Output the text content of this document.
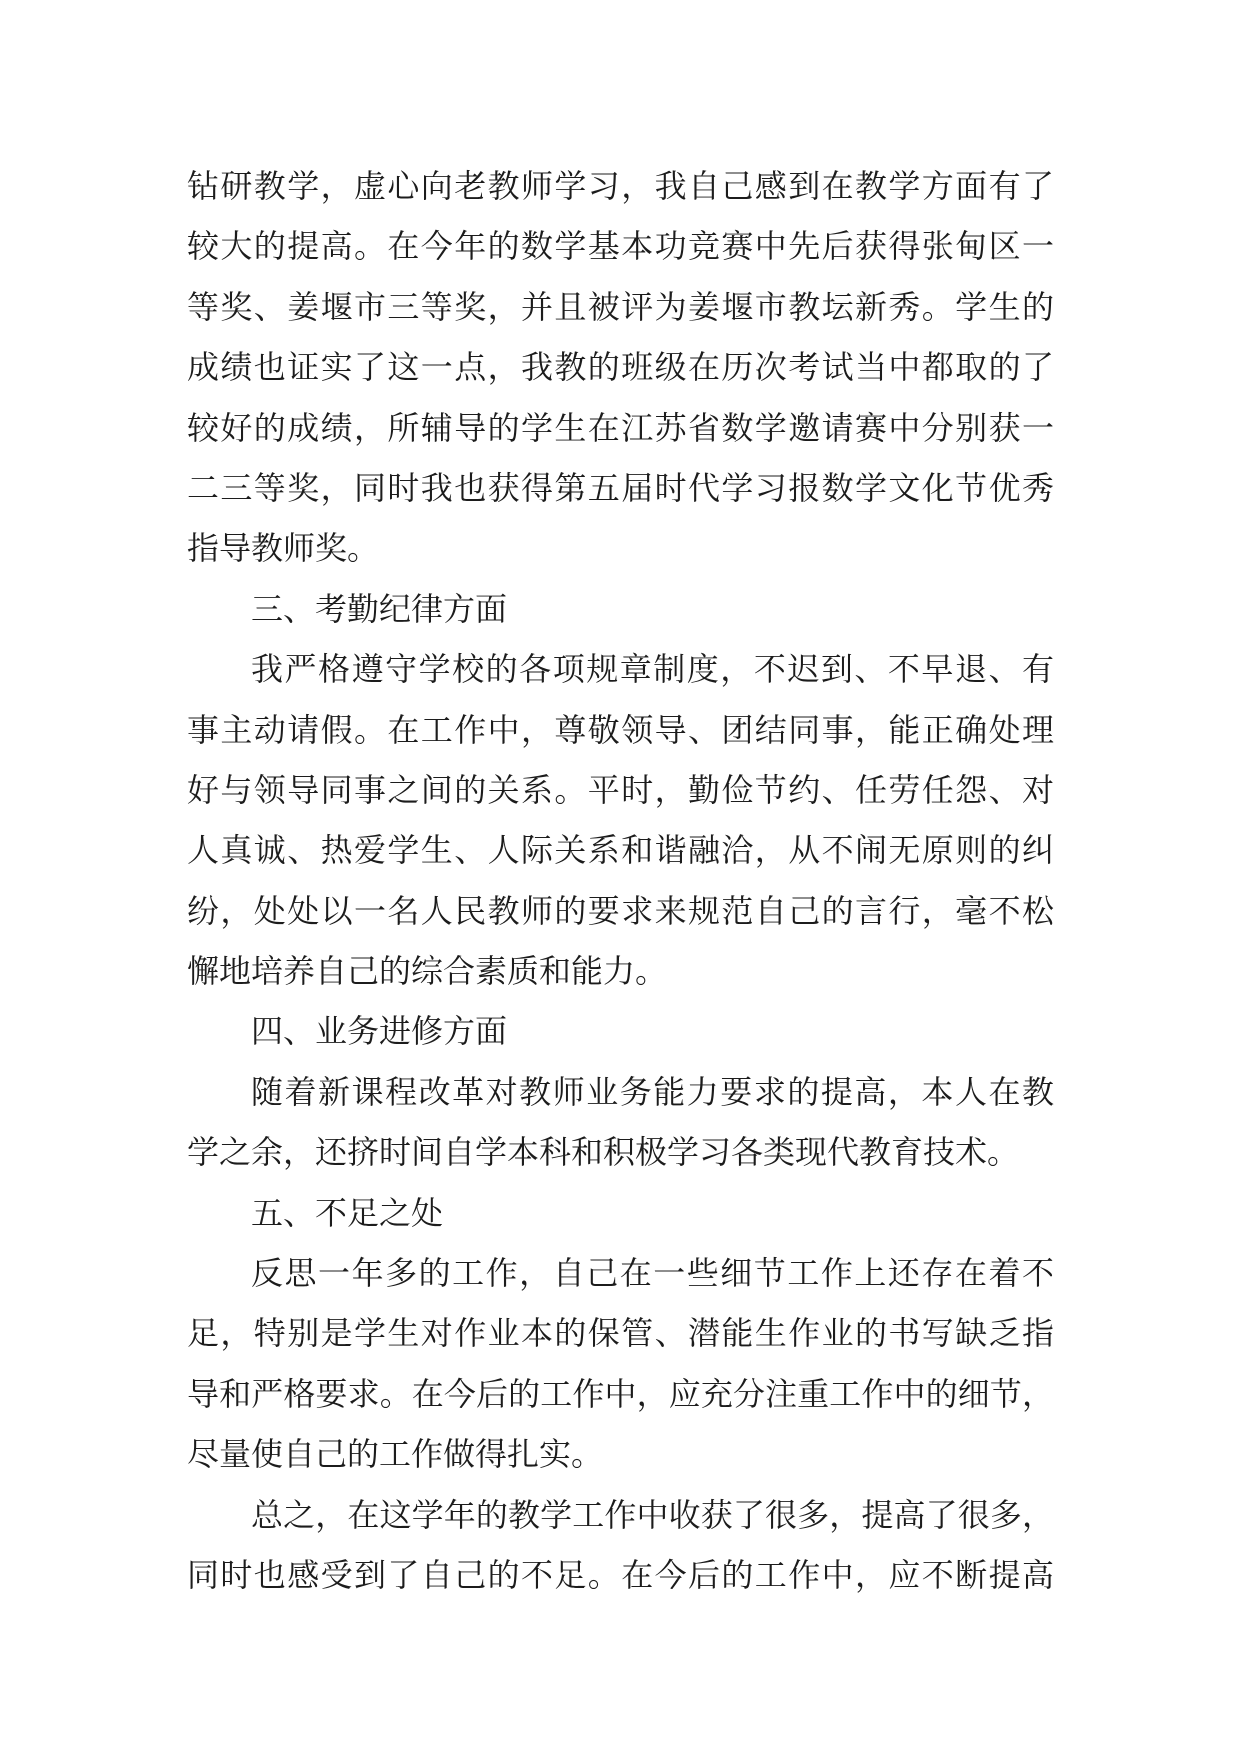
钻研教学，虚心向老教师学习，我自己感到在教学方面有了
较大的提高。在今年的数学基本功竞赛中先后获得张甸区一
等奖、姜堰市三等奖，并且被评为姜堰市教坛新秀。学生的
成绩也证实了这一点，我教的班级在历次考试当中都取的了
较好的成绩，所辅导的学生在江苏省数学邀请赛中分别获一
二三等奖，同时我也获得第五届时代学习报数学文化节优秀
指导教师奖。
三、考勤纪律方面
我严格遵守学校的各项规章制度，不迟到、不早退、有
事主动请假。在工作中，尊敬领导、团结同事，能正确处理
好与领导同事之间的关系。平时，勤俭节约、任劳任怨、对
人真诚、热爱学生、人际关系和谐融洽，从不闹无原则的纠
纷，处处以一名人民教师的要求来规范自己的言行，毫不松
懈地培养自己的综合素质和能力。
四、业务进修方面
随着新课程改革对教师业务能力要求的提高，本人在教
学之余，还挤时间自学本科和积极学习各类现代教育技术。
五、不足之处
反思一年多的工作，自己在一些细节工作上还存在着不
足，特别是学生对作业本的保管、潜能生作业的书写缺乏指
导和严格要求。在今后的工作中，应充分注重工作中的细节，
尽量使自己的工作做得扎实。
总之，在这学年的教学工作中收获了很多，提高了很多，
同时也感受到了自己的不足。在今后的工作中，应不断提高
